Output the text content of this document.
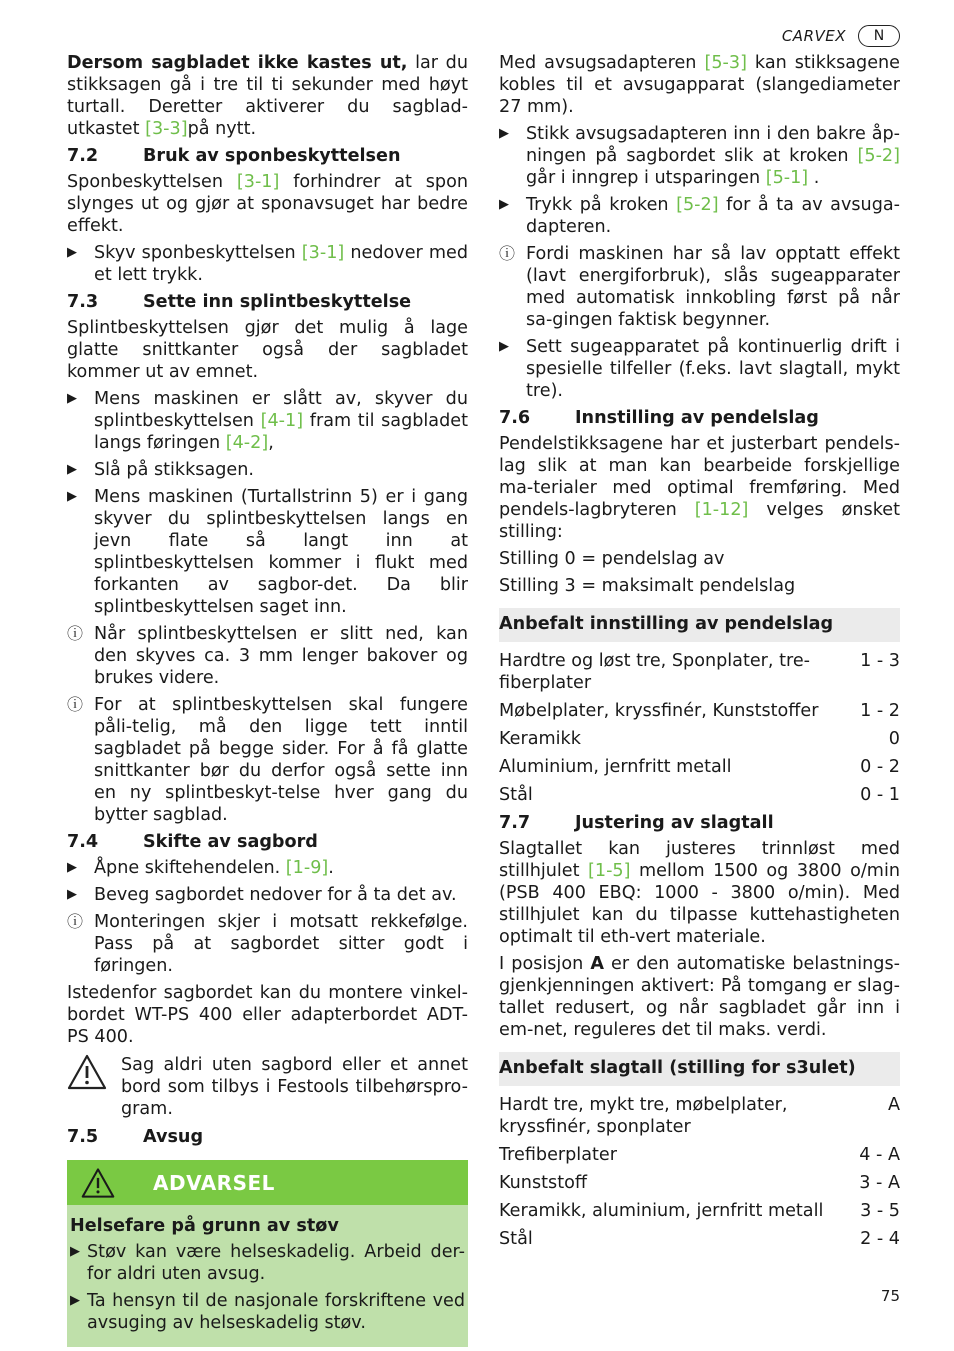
CARVEX	N

Dersom sagbladet ikke kastes ut, lar du stikksagen gå i tre til ti sekunder med høyt turtall. Deretter aktiverer du sagblad-utkastet [3-3]på nytt.

7.2	Bruk av sponbeskyttelsen

Sponbeskyttelsen [3-1] forhindrer at spon slynges ut og gjør at sponavsuget har bedre effekt.

▶ Skyv sponbeskyttelsen [3-1] nedover med et lett trykk.
7.3	Sette inn splintbeskyttelse

Splintbeskyttelsen gjør det mulig å lage glatte snittkanter også der sagbladet kommer ut av emnet.

▶ Mens maskinen er slått av, skyver du splintbeskyttelsen [4-1] fram til sagbladet langs føringen [4-2],
▶ Slå på stikksagen.
▶ Mens maskinen (Turtallstrinn 5) er i gang skyver du splintbeskyttelsen langs en jevn flate så langt inn at splintbeskyttelsen kommer i flukt med forkanten av sagbor-det. Da blir splintbeskyttelsen saget inn.
ⓘ Når splintbeskyttelsen er slitt ned, kan den skyves ca. 3 mm lenger bakover og brukes videre.
ⓘ For at splintbeskyttelsen skal fungere påli-telig, må den ligge tett inntil sagbladet på begge sider. For å få glatte snittkanter bør du derfor også sette inn en ny splintbeskyt-telse hver gang du bytter sagblad.
7.4	Skifte av sagbord
▶ Åpne skiftehendelen. [1-9].
▶ Beveg sagbordet nedover for å ta det av.
ⓘ Monteringen skjer i motsatt rekkefølge. Pass på at sagbordet sitter godt i føringen.

Istedenfor sagbordet kan du montere vinkel-bordet WT-PS 400 eller adapterbordet ADT-PS 400.

Sag aldri uten sagbord eller et annet bord som tilbys i Festools tilbehørspro-gram.
7.5	Avsug
ADVARSEL
Helsefare på grunn av støv
▶ Støv kan være helseskadelig. Arbeid der-for aldri uten avsug.
▶ Ta hensyn til de nasjonale forskriftene ved avsuging av helseskadelig støv.

Med avsugsadapteren [5-3] kan stikksagene kobles til et avsugapparat (slangediameter 27 mm).

▶ Stikk avsugsadapteren inn i den bakre åp-ningen på sagbordet slik at kroken [5-2] går i inngrep i utsparingen [5-1] .
▶ Trykk på kroken [5-2] for å ta av avsuga-dapteren.
ⓘ Fordi maskinen har så lav opptatt effekt (lavt energiforbruk), slås sugeapparater med automatisk innkobling først på når sa-gingen faktisk begynner.
▶ Sett sugeapparatet på kontinuerlig drift i spesielle tilfeller (f.eks. lavt slagtall, mykt tre).
7.6	Innstilling av pendelslag

Pendelstikksagene har et justerbart pendels-lag slik at man kan bearbeide forskjellige ma-terialer med optimal fremføring. Med pendels-lagbryteren [1-12] velges ønsket stilling:

Stilling 0 = pendelslag av

Stilling 3 = maksimalt pendelslag

Anbefalt innstilling av pendelslag
Hardtre og løst tre, Sponplater, tre-fiberplater
1 - 3
Møbelplater, kryssfinér, Kunststoffer	1 - 2
Keramikk	0
Aluminium, jernfritt metall	0 - 2
Stål	0 - 1
7.7	Justering av slagtall

Slagtallet kan justeres trinnløst med stillhjulet [1-5] mellom 1500 og 3800 o/min (PSB 400 EBQ: 1000 - 3800 o/min). Med stillhjulet kan du tilpasse kuttehastigheten optimalt til eth-vert materiale.

I posisjon A er den automatiske belastnings-gjenkjenningen aktivert: På tomgang er slag-tallet redusert, og når sagbladet går inn i em-net, reguleres det til maks. verdi.

Anbefalt slagtall (stilling for s3ulet)
Hardt tre, mykt tre, møbelplater, kryssfinér, sponplater
A
Trefiberplater	4 - A
Kunststoff	3 - A
Keramikk, aluminium, jernfritt metall	3 - 5
Stål	2 - 4
75
